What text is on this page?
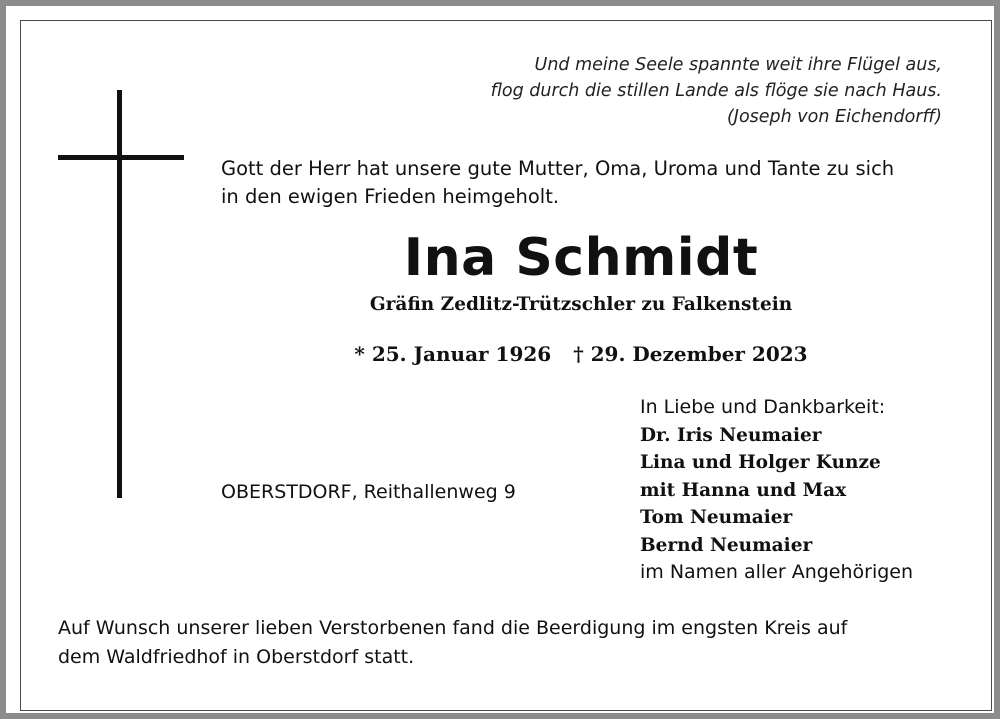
Und meine Seele spannte weit ihre Flügel aus,
flog durch die stillen Lande als flöge sie nach Haus.
(Joseph von Eichendorff)
Gott der Herr hat unsere gute Mutter, Oma, Uroma und Tante zu sich
in den ewigen Frieden heimgeholt.
Ina Schmidt
Gräfin Zedlitz-Trützschler zu Falkenstein
* 25. Januar 1926 † 29. Dezember 2023
OBERSTDORF, Reithallenweg 9
In Liebe und Dankbarkeit:
Dr. Iris Neumaier
Lina und Holger Kunze
mit Hanna und Max
Tom Neumaier
Bernd Neumaier
im Namen aller Angehörigen
Auf Wunsch unserer lieben Verstorbenen fand die Beerdigung im engsten Kreis auf
dem Waldfriedhof in Oberstdorf statt.
